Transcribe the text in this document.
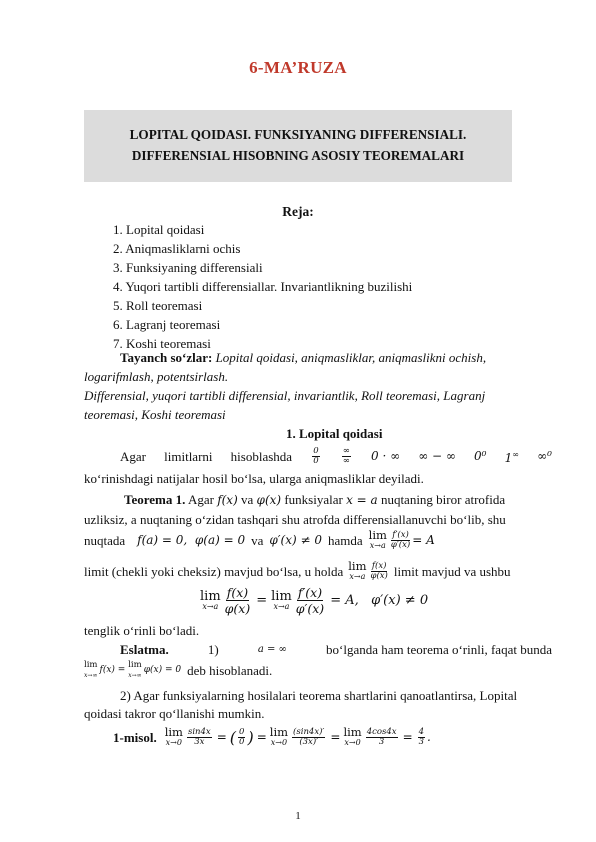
6-MA’RUZA
LOPITAL QOIDASI. FUNKSIYANING DIFFERENSIALI.
DIFFERENSIAL HISOBNING ASOSIY TEOREMALARI
Reja:
1. Lopital qoidasi
2. Aniqmasliklarni ochis
3. Funksiyaning differensiali
4. Yuqori tartibli differensiallar. Invariantlikning buzilishi
5. Roll teoremasi
6. Lagranj teoremasi
7. Koshi teoremasi
Tayanch so‘zlar: Lopital qoidasi, aniqmasliklar, aniqmaslikni ochish,
logarifmlash, potentsirlash.
Differensial, yuqori tartibli differensial, invariantlik, Roll teoremasi, Lagranj
teoremasi, Koshi teoremasi
1. Lopital qoidasi
Agar limitlarni hisoblashda $\frac{0}{0}$	$\frac{\infty}{\infty} 0$ · ∞ ∞ − ∞ 0⁰ 1∞ ∞⁰
ko‘rinishdagi natijalar hosil bo‘lsa, ularga aniqmasliklar deyiladi.
Teorema 1. Agar f(x) va φ(x) funksiyalar x = a nuqtaning biror atrofida
uzliksiz, a nuqtaning o‘zidan tashqari shu atrofda differensiallanuvchi bo‘lib, shu
nuqtada f(a) = 0,  φ(a) = 0 va φ′(x) ≠ 0 hamda lim
$x\to a \frac{f'(x)}{\varphi'(x)} = A$
limit (chekli yoki cheksiz) mavjud bo‘lsa, u holda lim
$x\to a \frac{f(x)}{\varphi(x)}$ limit mavjud va ushbu
lim
$x\to a \frac{f(x)}{\varphi(x)} = \lim$
$x\to a \frac{f'(x)}{\varphi'(x)} = A$,   φ′(x) ≠ 0
tenglik o‘rinli bo‘ladi.
Eslatma.	1)	a = ∞	bo‘lganda ham teorema o‘rinli, faqat bunda
lim
x→∞
f(x) = lim
x→∞
φ(x) = 0 deb hisoblanadi.
2) Agar funksiyalarning hosilalari teorema shartlarini qanoatlantirsa, Lopital
qoidasi takror qo‘llanishi mumkin.
1-misol. lim
$x\to 0 \frac{\sin 4x}{3x}$ = ( $\frac{0}{0}$ ) = lim
$x\to 0 \frac{(\sin 4x)'}{(3x)'} = \lim$
$x\to 0 \frac{4\cos 4x}{3} = \frac{4}{3}$ .
1
